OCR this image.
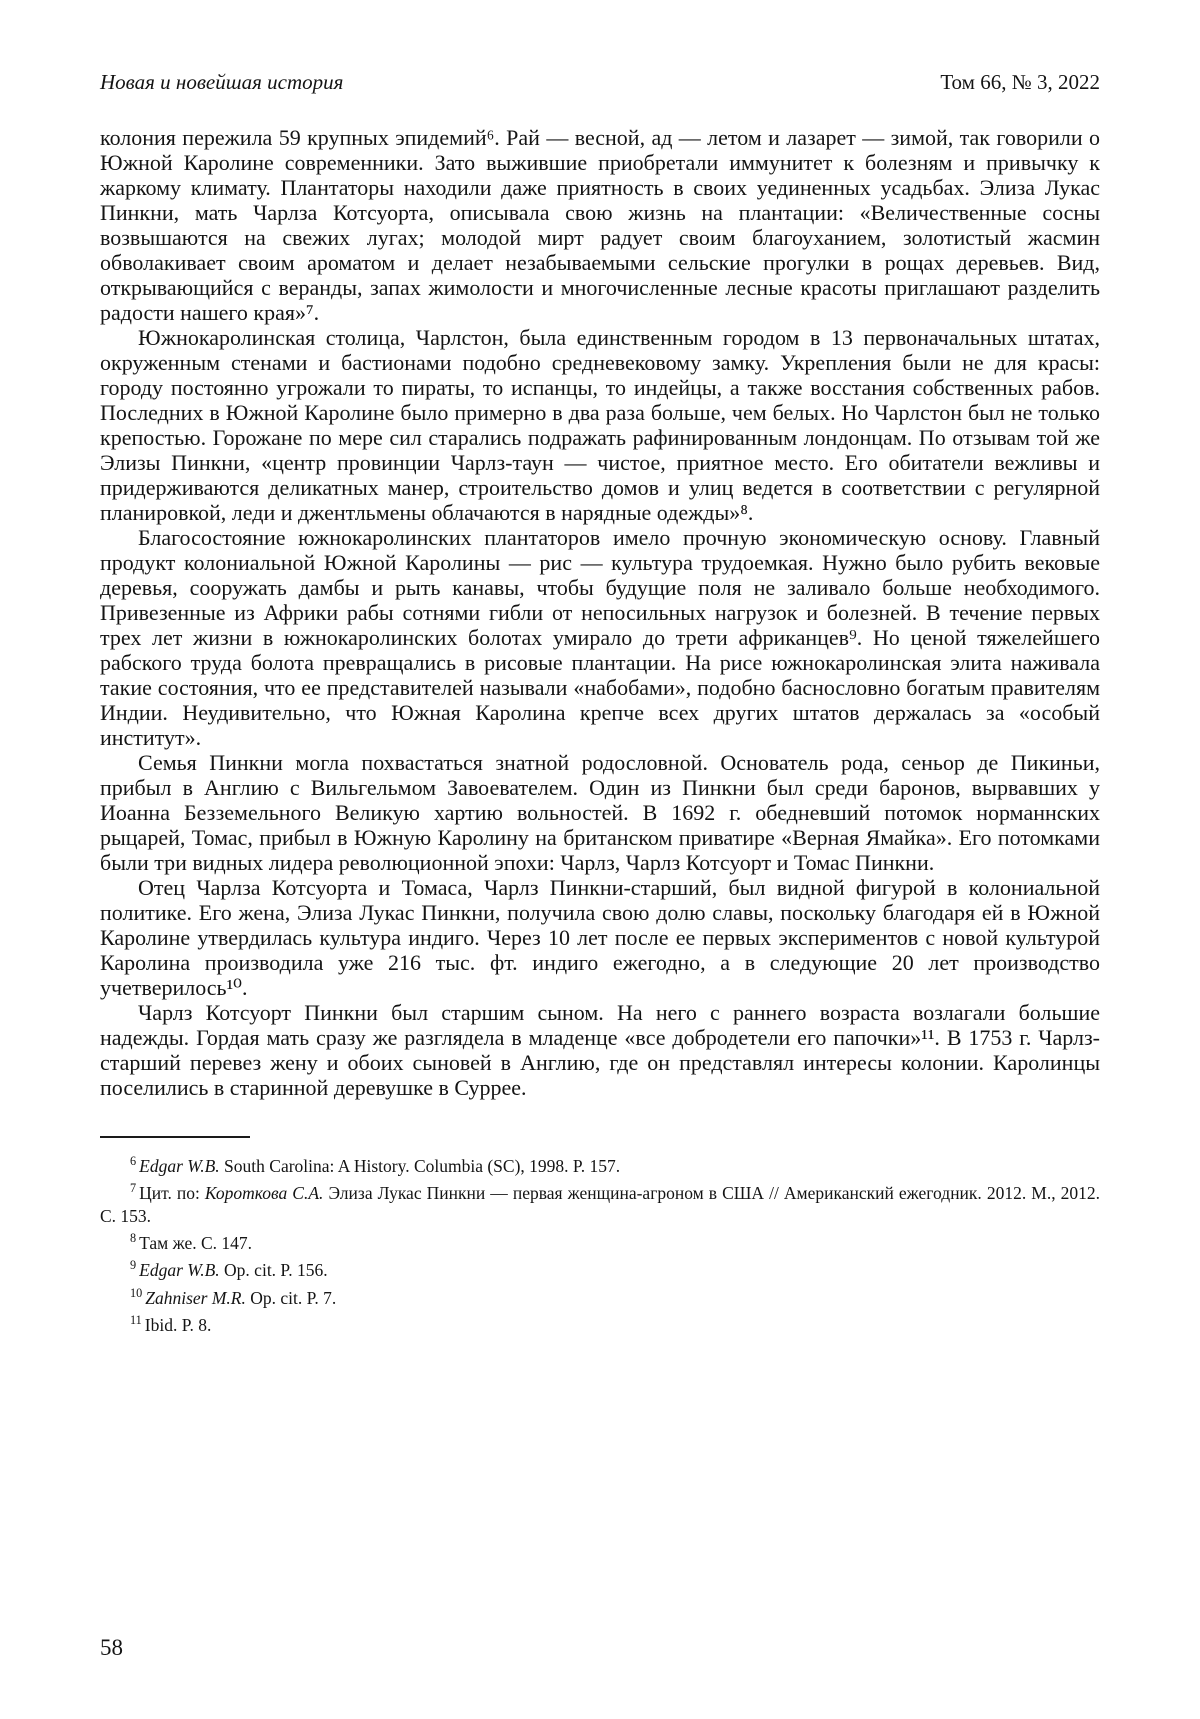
Новая и новейшая история	Том 66, № 3, 2022

колония пережила 59 крупных эпидемий⁶. Рай — весной, ад — летом и лазарет — зимой, так говорили о Южной Каролине современники. Зато выжившие приобретали иммунитет к болезням и привычку к жаркому климату. Плантаторы находили даже приятность в своих уединенных усадьбах. Элиза Лукас Пинкни, мать Чарлза Котсуорта, описывала свою жизнь на плантации: «Величественные сосны возвышаются на свежих лугах; молодой мирт радует своим благоуханием, золотистый жасмин обволакивает своим ароматом и делает незабываемыми сельские прогулки в рощах деревьев. Вид, открывающийся с веранды, запах жимолости и многочисленные лесные красоты приглашают разделить радости нашего края»⁷.

Южнокаролинская столица, Чарлстон, была единственным городом в 13 первоначальных штатах, окруженным стенами и бастионами подобно средневековому замку. Укрепления были не для красы: городу постоянно угрожали то пираты, то испанцы, то индейцы, а также восстания собственных рабов. Последних в Южной Каролине было примерно в два раза больше, чем белых. Но Чарлстон был не только крепостью. Горожане по мере сил старались подражать рафинированным лондонцам. По отзывам той же Элизы Пинкни, «центр провинции Чарлз-таун — чистое, приятное место. Его обитатели вежливы и придерживаются деликатных манер, строительство домов и улиц ведется в соответствии с регулярной планировкой, леди и джентльмены облачаются в нарядные одежды»⁸.

Благосостояние южнокаролинских плантаторов имело прочную экономическую основу. Главный продукт колониальной Южной Каролины — рис — культура трудоемкая. Нужно было рубить вековые деревья, сооружать дамбы и рыть канавы, чтобы будущие поля не заливало больше необходимого. Привезенные из Африки рабы сотнями гибли от непосильных нагрузок и болезней. В течение первых трех лет жизни в южнокаролинских болотах умирало до трети африканцев⁹. Но ценой тяжелейшего рабского труда болота превращались в рисовые плантации. На рисе южнокаролинская элита наживала такие состояния, что ее представителей называли «набобами», подобно баснословно богатым правителям Индии. Неудивительно, что Южная Каролина крепче всех других штатов держалась за «особый институт».

Семья Пинкни могла похвастаться знатной родословной. Основатель рода, сеньор де Пикиньи, прибыл в Англию с Вильгельмом Завоевателем. Один из Пинкни был среди баронов, вырвавших у Иоанна Безземельного Великую хартию вольностей. В 1692 г. обедневший потомок норманнских рыцарей, Томас, прибыл в Южную Каролину на британском приватире «Верная Ямайка». Его потомками были три видных лидера революционной эпохи: Чарлз, Чарлз Котсуорт и Томас Пинкни.

Отец Чарлза Котсуорта и Томаса, Чарлз Пинкни-старший, был видной фигурой в колониальной политике. Его жена, Элиза Лукас Пинкни, получила свою долю славы, поскольку благодаря ей в Южной Каролине утвердилась культура индиго. Через 10 лет после ее первых экспериментов с новой культурой Каролина производила уже 216 тыс. фт. индиго ежегодно, а в следующие 20 лет производство учетверилось¹⁰.

Чарлз Котсуорт Пинкни был старшим сыном. На него с раннего возраста возлагали большие надежды. Гордая мать сразу же разглядела в младенце «все добродетели его папочки»¹¹. В 1753 г. Чарлз-старший перевез жену и обоих сыновей в Англию, где он представлял интересы колонии. Каролинцы поселились в старинной деревушке в Суррее.

$^6$ Edgar W.B. South Carolina: A History. Columbia (SC), 1998. P. 157.

$^7$ Цит. по: Короткова С.А. Элиза Лукас Пинкни — первая женщина-агроном в США // Американский ежегодник. 2012. М., 2012. С. 153.

$^8$ Там же. С. 147.

$^9$ Edgar W.B. Op. cit. P. 156.

$^{10}$ Zahniser M.R. Op. cit. P. 7.

$^{11}$ Ibid. P. 8.

58
